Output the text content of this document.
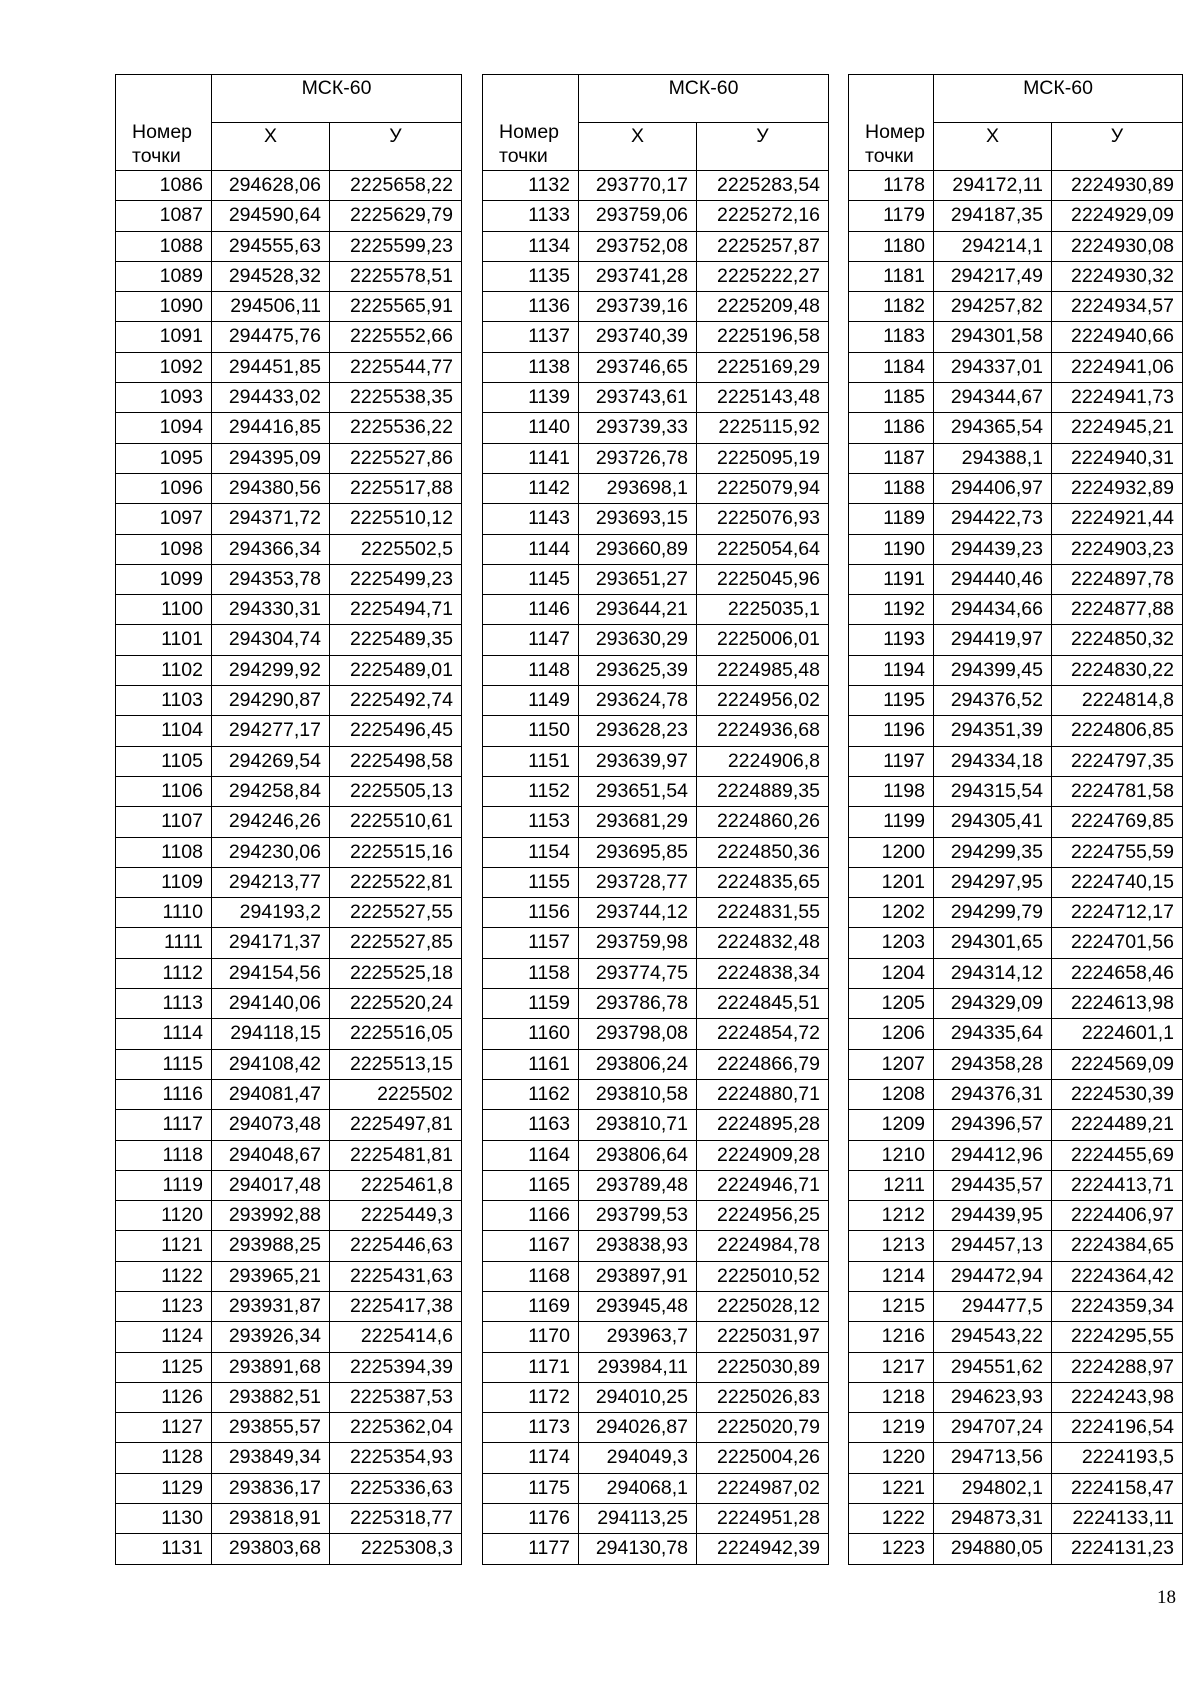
Номер точки	МСК-60	
	Х	У
1086	294628,06	2225658,22
1087	294590,64	2225629,79
1088	294555,63	2225599,23
1089	294528,32	2225578,51
1090	294506,11	2225565,91
1091	294475,76	2225552,66
1092	294451,85	2225544,77
1093	294433,02	2225538,35
1094	294416,85	2225536,22
1095	294395,09	2225527,86
1096	294380,56	2225517,88
1097	294371,72	2225510,12
1098	294366,34	2225502,5
1099	294353,78	2225499,23
1100	294330,31	2225494,71
1101	294304,74	2225489,35
1102	294299,92	2225489,01
1103	294290,87	2225492,74
1104	294277,17	2225496,45
1105	294269,54	2225498,58
1106	294258,84	2225505,13
1107	294246,26	2225510,61
1108	294230,06	2225515,16
1109	294213,77	2225522,81
1110	294193,2	2225527,55
1111	294171,37	2225527,85
1112	294154,56	2225525,18
1113	294140,06	2225520,24
1114	294118,15	2225516,05
1115	294108,42	2225513,15
1116	294081,47	2225502
1117	294073,48	2225497,81
1118	294048,67	2225481,81
1119	294017,48	2225461,8
1120	293992,88	2225449,3
1121	293988,25	2225446,63
1122	293965,21	2225431,63
1123	293931,87	2225417,38
1124	293926,34	2225414,6
1125	293891,68	2225394,39
1126	293882,51	2225387,53
1127	293855,57	2225362,04
1128	293849,34	2225354,93
1129	293836,17	2225336,63
1130	293818,91	2225318,77
1131	293803,68	2225308,3
Номер точки	МСК-60	
	Х	У
1132	293770,17	2225283,54
1133	293759,06	2225272,16
1134	293752,08	2225257,87
1135	293741,28	2225222,27
1136	293739,16	2225209,48
1137	293740,39	2225196,58
1138	293746,65	2225169,29
1139	293743,61	2225143,48
1140	293739,33	2225115,92
1141	293726,78	2225095,19
1142	293698,1	2225079,94
1143	293693,15	2225076,93
1144	293660,89	2225054,64
1145	293651,27	2225045,96
1146	293644,21	2225035,1
1147	293630,29	2225006,01
1148	293625,39	2224985,48
1149	293624,78	2224956,02
1150	293628,23	2224936,68
1151	293639,97	2224906,8
1152	293651,54	2224889,35
1153	293681,29	2224860,26
1154	293695,85	2224850,36
1155	293728,77	2224835,65
1156	293744,12	2224831,55
1157	293759,98	2224832,48
1158	293774,75	2224838,34
1159	293786,78	2224845,51
1160	293798,08	2224854,72
1161	293806,24	2224866,79
1162	293810,58	2224880,71
1163	293810,71	2224895,28
1164	293806,64	2224909,28
1165	293789,48	2224946,71
1166	293799,53	2224956,25
1167	293838,93	2224984,78
1168	293897,91	2225010,52
1169	293945,48	2225028,12
1170	293963,7	2225031,97
1171	293984,11	2225030,89
1172	294010,25	2225026,83
1173	294026,87	2225020,79
1174	294049,3	2225004,26
1175	294068,1	2224987,02
1176	294113,25	2224951,28
1177	294130,78	2224942,39
Номер точки	МСК-60	
	Х	У
1178	294172,11	2224930,89
1179	294187,35	2224929,09
1180	294214,1	2224930,08
1181	294217,49	2224930,32
1182	294257,82	2224934,57
1183	294301,58	2224940,66
1184	294337,01	2224941,06
1185	294344,67	2224941,73
1186	294365,54	2224945,21
1187	294388,1	2224940,31
1188	294406,97	2224932,89
1189	294422,73	2224921,44
1190	294439,23	2224903,23
1191	294440,46	2224897,78
1192	294434,66	2224877,88
1193	294419,97	2224850,32
1194	294399,45	2224830,22
1195	294376,52	2224814,8
1196	294351,39	2224806,85
1197	294334,18	2224797,35
1198	294315,54	2224781,58
1199	294305,41	2224769,85
1200	294299,35	2224755,59
1201	294297,95	2224740,15
1202	294299,79	2224712,17
1203	294301,65	2224701,56
1204	294314,12	2224658,46
1205	294329,09	2224613,98
1206	294335,64	2224601,1
1207	294358,28	2224569,09
1208	294376,31	2224530,39
1209	294396,57	2224489,21
1210	294412,96	2224455,69
1211	294435,57	2224413,71
1212	294439,95	2224406,97
1213	294457,13	2224384,65
1214	294472,94	2224364,42
1215	294477,5	2224359,34
1216	294543,22	2224295,55
1217	294551,62	2224288,97
1218	294623,93	2224243,98
1219	294707,24	2224196,54
1220	294713,56	2224193,5
1221	294802,1	2224158,47
1222	294873,31	2224133,11
1223	294880,05	2224131,23
18
